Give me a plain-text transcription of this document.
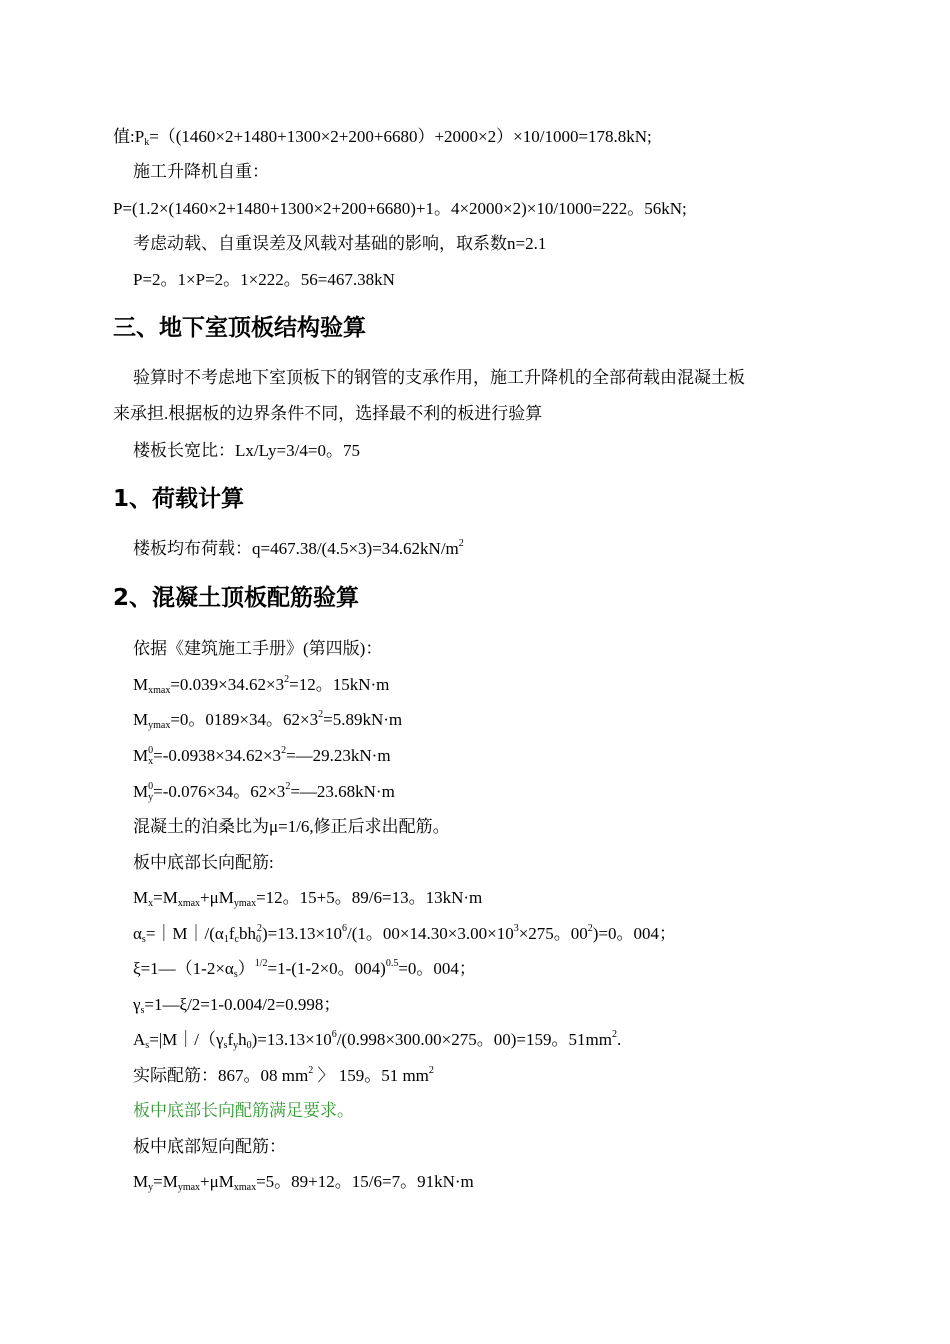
值$:P_k=((1460\times 2+1480+1300\times 2+200+6680)+2000\times 2)\times 10/1000=178.8kN$;
施工升降机自重：
P=(1.2×(1460×2+1480+1300×2+200+6680)+1。4×2000×2)×10/1000=222。56kN;
考虑动载、自重误差及风载对基础的影响，取系数n=2.1
P=2。1×P=2。1×222。56=467.38kN
三、地下室顶板结构验算
验算时不考虑地下室顶板下的钢管的支承作用，施工升降机的全部荷载由混凝土板
来承担.根据板的边界条件不同，选择最不利的板进行验算
楼板长宽比：Lx/Ly=3/4=0。75
1、荷载计算
楼板均布荷载：$q=467.38/(4.5\times 3)=34.62kN/m^2$
2、混凝土顶板配筋验算
依据《建筑施工手册》(第四版)：
$M_{xmax}=0.039\times 34.62\times 3^2=12$。15kN·m
$M_{ymax}=0$。0189×34。$62\times 3^2=5.89kN\cdot m$
$M^0_x=-0.0938\times 34.62\times 3^2=—29.23kN\cdot m$
$M^0_y=-0.076\times 34$。$62\times 3^2=—23.68kN\cdot m$
混凝土的泊桑比为μ=1/6,修正后求出配筋。
板中底部长向配筋:
$M_x=M_{xmax}+\mu M_{ymax}=12$。15+5。89/6=13。13kN·m
$\alpha_s=|M|/(\alpha_1f_cbh_0^2)=13.13\times 10^6/(1$。$00\times 14.30\times 3.00\times 10^3\times 275$。$00^2)=0$。004；
$\xi=1—(1-2\times\alpha_s)^{1/2}=1-(1-2\times 0$。004)$^{0.5}$=0。004；
$\gamma_s=1—\xi/2=1-0.004/2=0.998$；
$A_s=|M|/(\gamma_sf_yh_0)=13.13\times 10^6/(0.998\times 300.00\times 275$。00)=159。$51mm^2$.
实际配筋：867。08 $mm^2$ 〉 159。51 $mm^2$
板中底部长向配筋满足要求。
板中底部短向配筋：
$M_y=M_{ymax}+\mu M_{xmax}=5$。89+12。15/6=7。91kN·m
